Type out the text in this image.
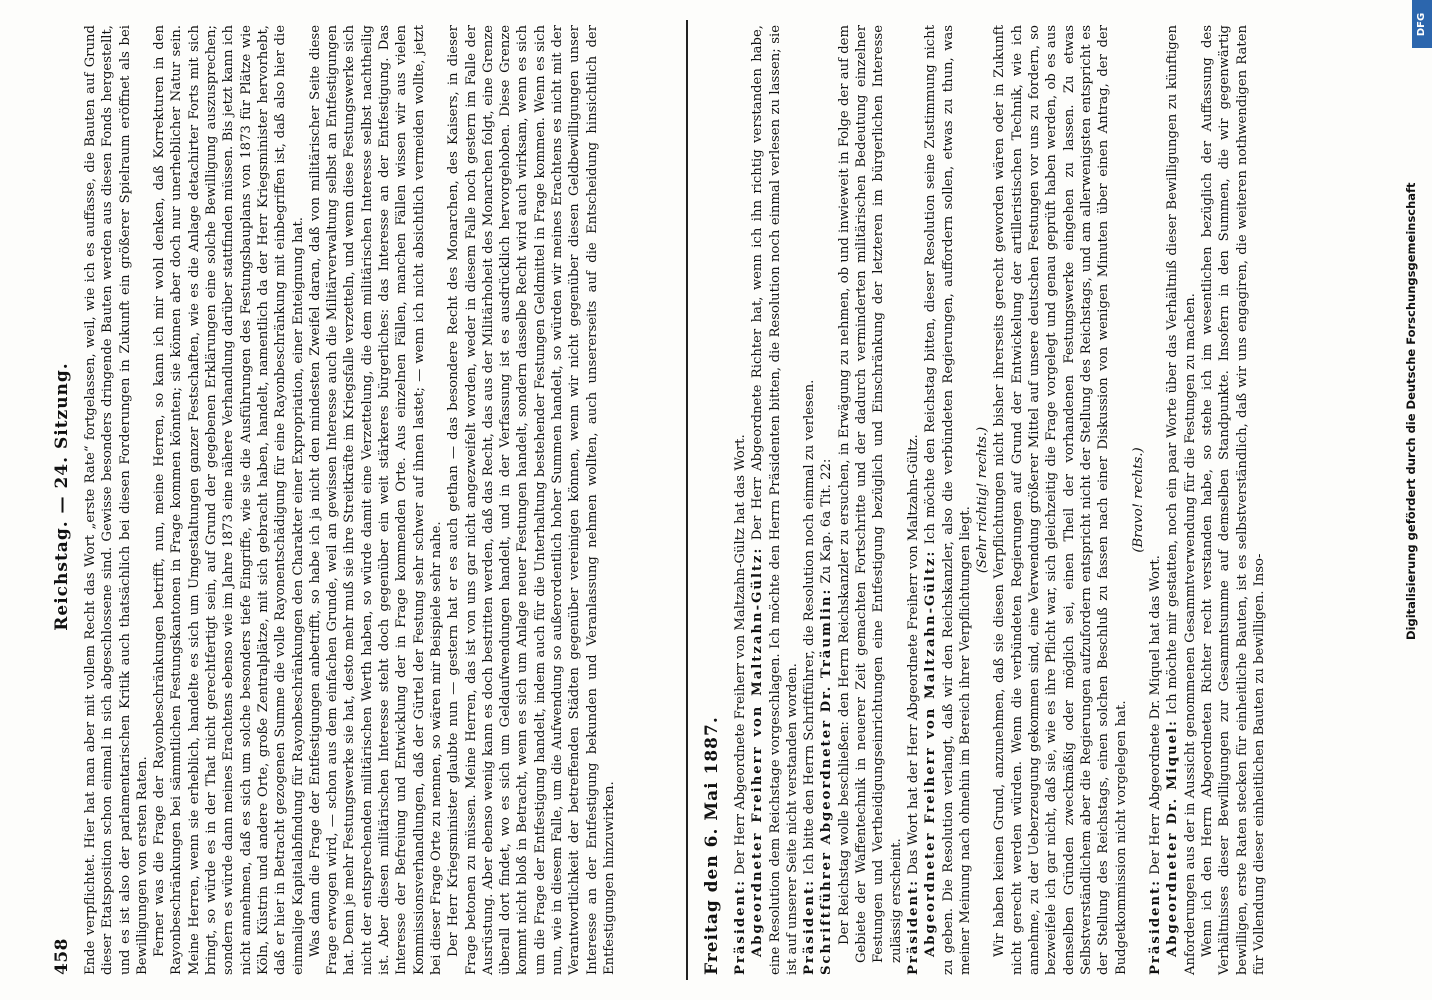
458
Reichstag. — 24. Sitzung. Ende verpflichtet. Hier hat man aber mit vollem Recht das Wort „erste Rate“ fortgelassen, weil, wie ich es auffasse, die Bauten auf Grund dieser Etatsposition schon einmal in sich abgeschlossene sind. Gewisse besonders dringende Bauten werden aus diesen Fonds hergestellt, und es ist also der parlamentarischen Kritik auch thatsächlich bei diesen Forderungen in Zukunft ein größerer Spielraum eröffnet als bei Bewilligungen von ersten Raten. Ferner was die Frage der Rayonbeschränkungen betrifft, nun, meine Herren, so kann ich mir wohl denken, daß Korrekturen in den Rayonbeschränkungen bei sämmtlichen Festungskantonen in Frage kommen könnten; sie können aber doch nur unerheblicher Natur sein. Meine Herren, wenn sie erheblich, handelte es sich um Umgestaltungen ganzer Festschaften, wie es die Anlage detachirter Forts mit sich bringt, so würde es in der That nicht gerechtfertigt sein, auf Grund der gegebenen Erklärungen eine solche Bewilligung auszusprechen; sondern es würde dann meines Erachtens ebenso wie im Jahre 1873 eine nähere Verhandlung darüber stattfinden müssen. Bis jetzt kann ich nicht annehmen, daß es sich um solche besonders tiefe Eingriffe, wie sie die Ausführungen des Festungsbauplans von 1873 für Plätze wie Köln, Küstrin und andere Orte, große Zentralplätze, mit sich gebracht haben, handelt, namentlich da der Herr Kriegsminister hervorhebt, daß er hier in Betracht gezogenen Summe die volle Rayonentschädigung für eine Rayonbeschränkung mit einbegriffen ist, daß also hier die einmalige Kapitalabfindung für Rayonbeschränkungen den Charakter einer Expropriation, einer Enteignung hat. Was dann die Frage der Entfestigungen anbetrifft, so habe ich ja nicht den mindesten Zweifel daran, daß von militärischer Seite diese Frage erwogen wird, — schon aus dem einfachen Grunde, weil an gewissen Interesse auch die Militärverwaltung selbst an Entfestigungen hat. Denn je mehr Festungswerke sie hat, desto mehr muß sie ihre Streitkräfte im Kriegsfalle verzetteln, und wenn diese Festungswerke sich nicht der entsprechenden militärischen Werth haben, so würde damit eine Verzettelung, die dem militärischen Interesse selbst nachtheilig ist. Aber diesen militärischen Interesse steht doch gegenüber ein weit stärkeres bürgerliches: das Interesse an der Entfestigung. Das Interesse der Befreiung und Entwicklung der in Frage kommenden Orte. Aus einzelnen Fällen, manchen Fällen wissen wir aus vielen Kommissionsverhandlungen, daß der Gürtel der Festung sehr schwer auf ihnen lastet; — wenn ich nicht absichtlich vermeiden wollte, jetzt bei dieser Frage Orte zu nennen, so wären mir Beispiele sehr nahe. Der Herr Kriegsminister glaubte nun — gestern hat er es auch gethan — das besondere Recht des Monarchen, des Kaisers, in dieser Frage betonen zu müssen. Meine Herren, das ist von uns gar nicht angezweifelt worden, weder in diesem Falle noch gestern im Falle der Ausrüstung. Aber ebenso wenig kann es doch bestritten werden, daß das Recht, das aus der Militärhoheit des Monarchen folgt, eine Grenze überall dort findet, wo es sich um Geldaufwendungen handelt, und in der Verfassung ist es ausdrücklich hervorgehoben. Diese Grenze kommt nicht bloß in Betracht, wenn es sich um Anlage neuer Festungen handelt, sondern dasselbe Recht wird auch wirksam, wenn es sich um die Frage der Entfestigung handelt, indem auch für die Unterhaltung bestehender Festungen Geldmittel in Frage kommen. Wenn es sich nun, wie in diesem Falle, um die Aufwendung so außerordentlich hoher Summen handelt, so würden wir meines Erachtens es nicht mit der Verantwortlichkeit der betreffenden Städten gegenüber vereinigen können, wenn wir nicht gegenüber diesen Geldbewilligungen unser Interesse an der Entfestigung bekunden und Veranlassung nehmen wollten, auch unsererseits auf die Entscheidung hinsichtlich der Entfestigungen hinzuwirken.	Freitag den 6. Mai 1887. Präsident: Der Herr Abgeordnete Freiherr von Maltzahn-Gültz hat das Wort. Abgeordneter Freiherr von Maltzahn-Gültz: Der Herr Abgeordnete Richter hat, wenn ich ihn richtig verstanden habe, eine Resolution dem Reichstage vorgeschlagen. Ich möchte den Herrn Präsidenten bitten, die Resolution noch einmal verlesen zu lassen; sie ist auf unserer Seite nicht verstanden worden. Präsident: Ich bitte den Herrn Schriftführer, die Resolution noch einmal zu verlesen. Schriftführer Abgeordneter Dr. Träumlin: Zu Kap. 6a Tit. 22: Der Reichstag wolle beschließen: den Herrn Reichskanzler zu ersuchen, in Erwägung zu nehmen, ob und inwieweit in Folge der auf dem Gebiete der Waffentechnik in neuerer Zeit gemachten Fortschritte und der dadurch verminderten militärischen Bedeutung einzelner Festungen und Vertheidigungseinrichtungen eine Entfestigung bezüglich und Einschränkung der letzteren im bürgerlichen Interesse zulässig erscheint. Präsident: Das Wort hat der Herr Abgeordnete Freiherr von Maltzahn-Gültz. Abgeordneter Freiherr von Maltzahn-Gültz: Ich möchte den Reichstag bitten, dieser Resolution seine Zustimmung nicht zu geben. Die Resolution verlangt, daß wir den Reichskanzler, also die verbündeten Regierungen, auffordern sollen, etwas zu thun, was meiner Meinung nach ohnehin im Bereich ihrer Verpflichtungen liegt.

(Sehr richtig! rechts.) Wir haben keinen Grund, anzunehmen, daß sie diesen Verpflichtungen nicht bisher ihrerseits gerecht geworden wären oder in Zukunft nicht gerecht werden würden. Wenn die verbündeten Regierungen auf Grund der Entwickelung der artilleristischen Technik, wie ich annehme, zu der Ueberzeugung gekommen sind, eine Verwendung größerer Mittel auf unsere deutschen Festungen vor uns zu fordern, so bezweifele ich gar nicht, daß sie, wie es ihre Pflicht war, sich gleichzeitig die Frage vorgelegt und genau geprüft haben werden, ob es aus denselben Gründen zweckmäßig oder möglich sei, einen Theil der vorhandenen Festungswerke eingehen zu lassen. Zu etwas Selbstverständlichem aber die Regierungen aufzufordern entspricht nicht der Stellung des Reichstags, und am allerwenigsten entspricht es der Stellung des Reichstags, einen solchen Beschluß zu fassen nach einer Diskussion von wenigen Minuten über einen Antrag, der der Budgetkommission nicht vorgelegen hat.

(Bravo! rechts.)

Präsident: Der Herr Abgeordnete Dr. Miquel hat das Wort. Abgeordneter Dr. Miquel: Ich möchte mir gestatten, noch ein paar Worte über das Verhältniß dieser Bewilligungen zu künftigen Anforderungen aus der in Aussicht genommenen Gesammtverwendung für die Festungen zu machen. Wenn ich den Herrn Abgeordneten Richter recht verstanden habe, so stehe ich im wesentlichen bezüglich der Auffassung des Verhältnisses dieser Bewilligungen zur Gesammtsumme auf demselben Standpunkte. Insofern in den Summen, die wir gegenwärtig bewilligen, erste Raten stecken für einheitliche Bauten, ist es selbstverständlich, daß wir uns engagiren, die weiteren nothwendigen Raten für Vollendung dieser einheitlichen Bauten zu bewilligen. Inso-

Digitalisierung gefördert durch die Deutsche Forschungsgemeinschaft
DFG
